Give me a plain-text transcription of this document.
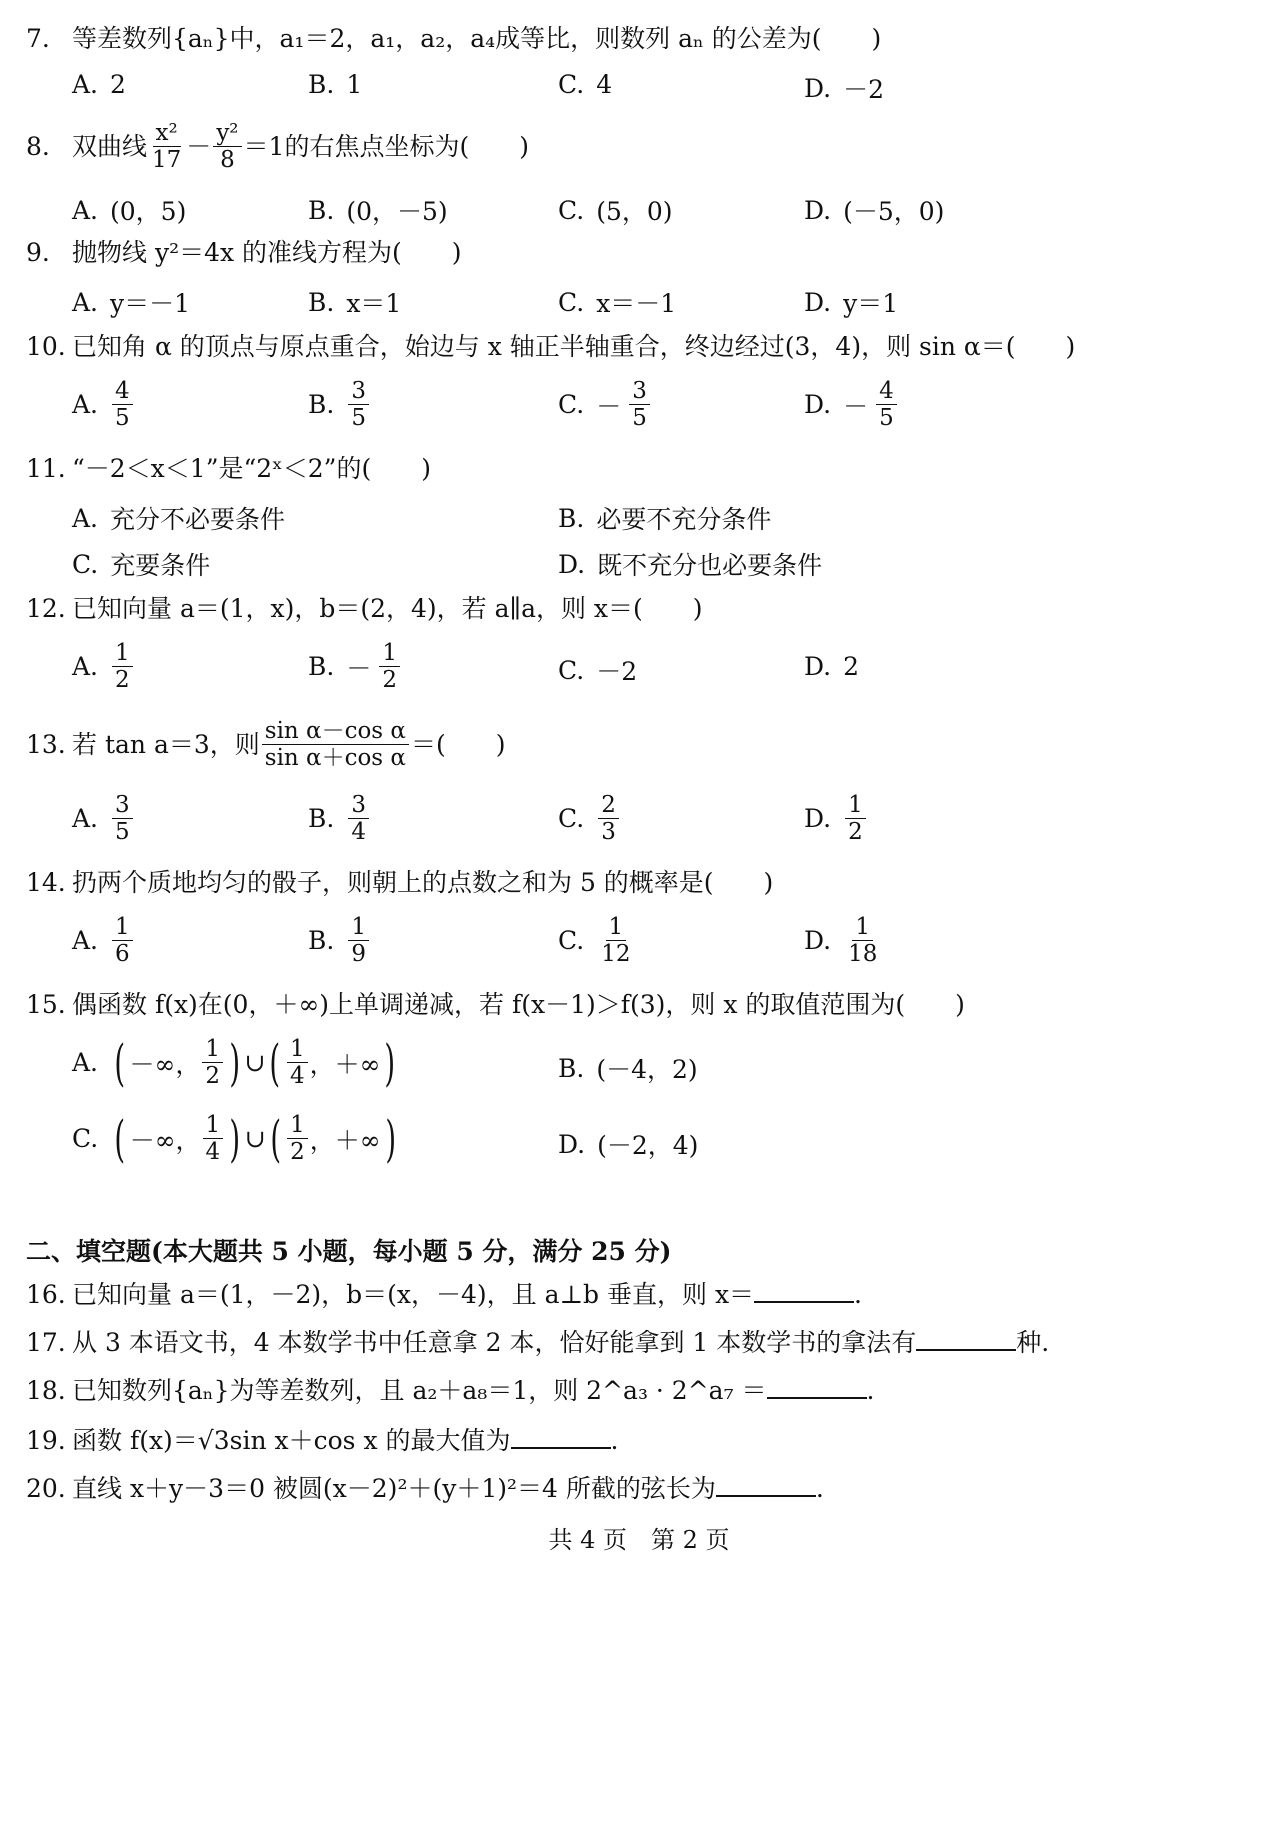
7. 等差数列{aₙ}中，a₁＝2，a₁，a₂，a₄成等比，则数列 aₙ 的公差为(　　)
A. 2	B. 1	C. 4	D. －2
8. 双曲线 $\frac{\text{x²}}{17} - \frac{\text{y²}}{8} =1$ 的右焦点坐标为(　　)
A. (0，5)	B. (0，－5)	C. (5，0)	D. (－5，0)
9. 抛物线 y²＝4x 的准线方程为(　　)
A. y＝－1	B. x＝1	C. x＝－1	D. y＝1
10. 已知角 α 的顶点与原点重合，始边与 x 轴正半轴重合，终边经过(3，4)，则 sin α＝(　　)
A. $\frac{4}{5}$	B. $\frac{3}{5}$	C. － $\frac{3}{5}$	D. － $\frac{4}{5}$
11. “－2＜x＜1”是“2ˣ＜2”的(　　)
A. 充分不必要条件	B. 必要不充分条件
C. 充要条件	D. 既不充分也必要条件
12. 已知向量 a＝(1，x)，b＝(2，4)，若 a∥a，则 x＝(　　)
A. $\frac{1}{2}$	B. － $\frac{1}{2}$	C. －2	D. 2
13. 若 tan a＝3，则 $\frac{\text{sin α－cos α}}{\text{sin α＋cos α}}$ ＝(　　)
A. $\frac{3}{5}$	B. $\frac{3}{4}$	C. $\frac{2}{3}$	D. $\frac{1}{2}$
14. 扔两个质地均匀的骰子，则朝上的点数之和为 5 的概率是(　　)
A. $\frac{1}{6}$	B. $\frac{1}{9}$	C. $\frac{1}{12}$	D. $\frac{1}{18}$
15. 偶函数 f(x)在(0，＋∞)上单调递减，若 f(x－1)＞f(3)，则 x 的取值范围为(　　)
A. ( －∞， $\frac{1}{2}$ ) ∪ ( $\frac{1}{4}$ ，＋∞ )	B. (－4，2)
C. ( －∞， $\frac{1}{4}$ ) ∪ ( $\frac{1}{2}$ ，＋∞ )	D. (－2，4)
二、填空题(本大题共 5 小题，每小题 5 分，满分 25 分)
16. 已知向量 a＝(1，－2)，b＝(x，－4)，且 a⊥b 垂直，则 x＝	.
17. 从 3 本语文书，4 本数学书中任意拿 2 本，恰好能拿到 1 本数学书的拿法有	种.
18. 已知数列{aₙ}为等差数列，且 a₂＋a₈＝1，则 2^a₃ · 2^a₇ ＝	.
19. 函数 f(x)＝√3sin x＋cos x 的最大值为	.
20. 直线 x＋y－3＝0 被圆(x－2)²＋(y＋1)²＝4 所截的弦长为	.
共 4 页　第 2 页
